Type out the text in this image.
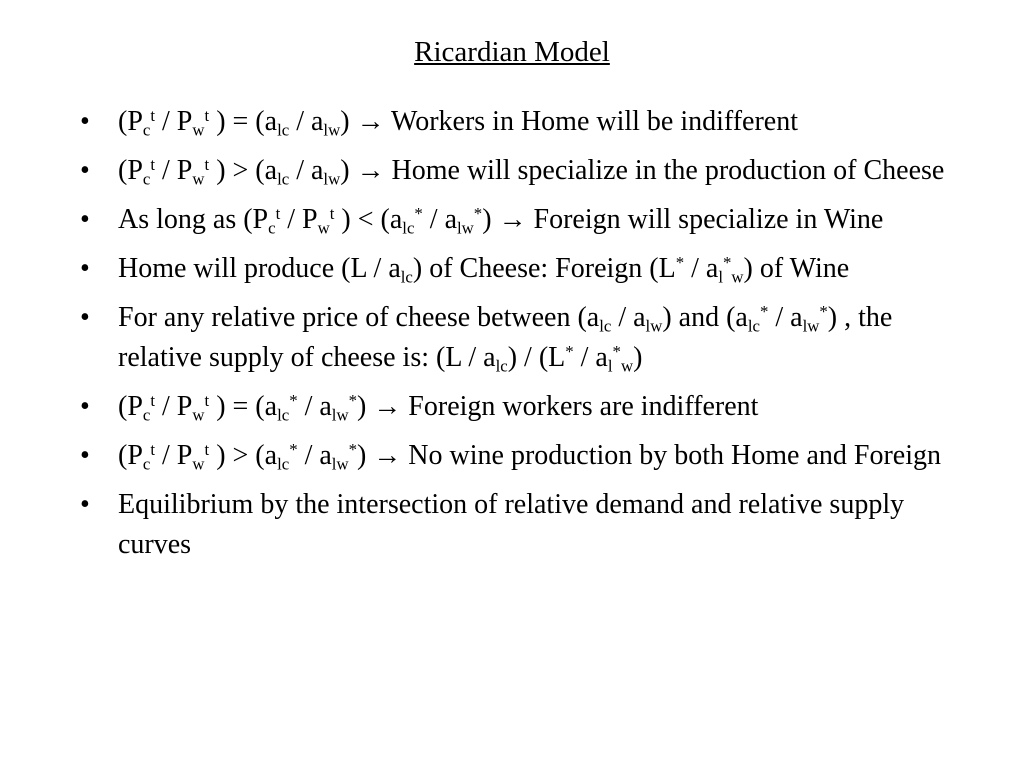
Ricardian Model
• ($P_c^t / P_w^t$ ) = $(a_{lc} / a_{lw})$ → Workers in Home will be indifferent
• ($P_c^t / P_w^t$ ) > $(a_{lc} / a_{lw})$ → Home will specialize in the production of Cheese
• As long as ($P_c^t / P_w^t$ ) < $(a_{lc}^* / a_{lw}^*)$ → Foreign will specialize in Wine
• Home will produce $(L / a_{lc})$ of Cheese: Foreign $(L^* / a_l^*_w)$ of Wine
• For any relative price of cheese between $(a_{lc} / a_{lw})$ and $(a_{lc}^* / a_{lw}^*)$ , the relative supply of cheese is: $(L / a_{lc}) / (L^* / a_l^*_w)$
• ($P_c^t / P_w^t$ ) = $(a_{lc}^* / a_{lw}^*)$ → Foreign workers are indifferent
• ($P_c^t / P_w^t$ ) > $(a_{lc}^* / a_{lw}^*) \to No$ wine production by both Home and Foreign
• Equilibrium by the intersection of relative demand and relative supply curves
